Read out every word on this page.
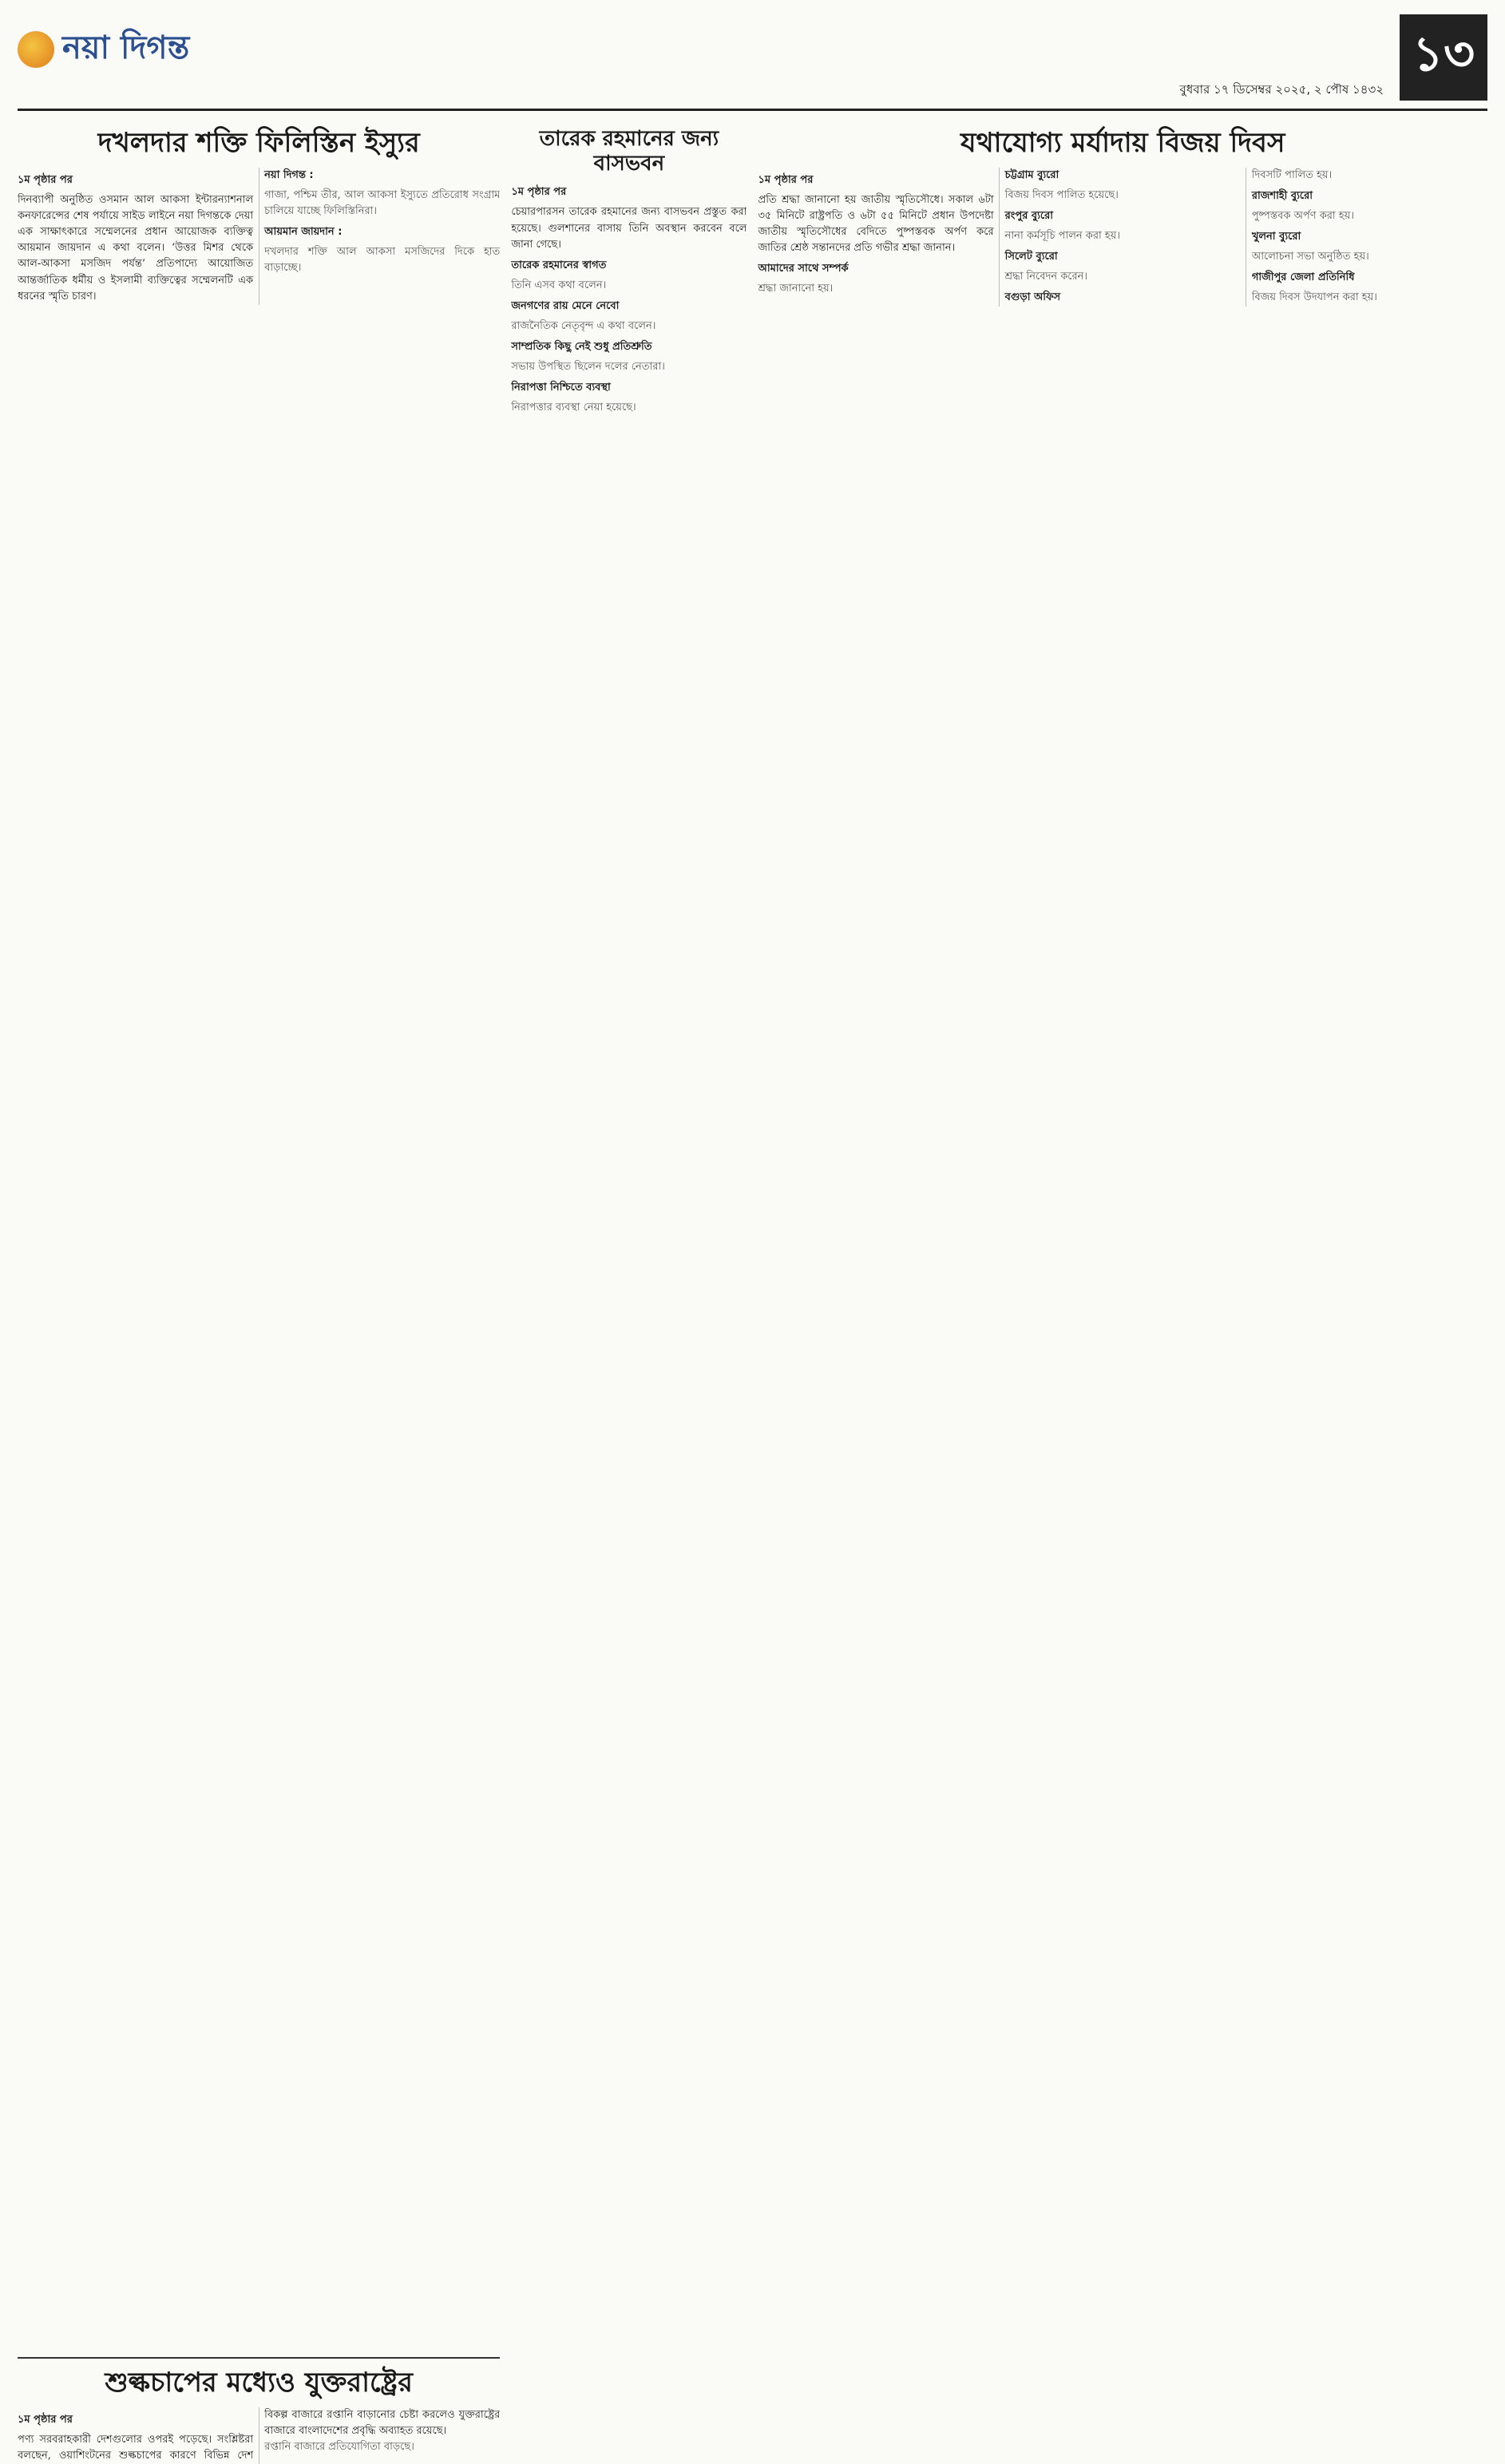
নয়া দিগন্ত
বুধবার ১৭ ডিসেম্বর ২০২৫, ২ পৌষ ১৪৩২
১৩
দখলদার শক্তি ফিলিস্তিন ইস্যুর
১ম পৃষ্ঠার পর
দিনব্যাপী অনুষ্ঠিত ওসমান আল আকসা ইন্টারন্যাশনাল কনফারেন্সের শেষ পর্যায়ে সাইড লাইনে নয়া দিগন্তকে দেয়া এক সাক্ষাৎকারে সম্মেলনের প্রধান আয়োজক ব্যক্তিত্ব আয়মান জায়দান এ কথা বলেন। ‘উত্তর মিশর থেকে আল-আকসা মসজিদ পর্যন্ত’ প্রতিপাদ্যে আয়োজিত আন্তর্জাতিক ধর্মীয় ও ইসলামী ব্যক্তিত্বের সম্মেলনটি এক ধরনের স্মৃতি চারণ।
নয়া দিগন্ত :
গাজা, পশ্চিম তীর, আল আকসা ইস্যুতে প্রতিরোধ সংগ্রাম চালিয়ে যাচ্ছে ফিলিস্তিনিরা।
আয়মান জায়দান :
দখলদার শক্তি আল আকসা মসজিদের দিকে হাত বাড়াচ্ছে।
তারেক রহমানের জন্য বাসভবন
১ম পৃষ্ঠার পর
চেয়ারপারসন তারেক রহমানের জন্য বাসভবন প্রস্তুত করা হয়েছে। গুলশানের বাসায় তিনি অবস্থান করবেন বলে জানা গেছে।
তারেক রহমানের স্বাগত
তিনি এসব কথা বলেন।
জনগণের রায় মেনে নেবো
রাজনৈতিক নেতৃবৃন্দ এ কথা বলেন।
সাম্প্রতিক কিছু নেই শুধু প্রতিশ্রুতি
সভায় উপস্থিত ছিলেন দলের নেতারা।
নিরাপত্তা নিশ্চিতে ব্যবস্থা
নিরাপত্তার ব্যবস্থা নেয়া হয়েছে।
যথাযোগ্য মর্যাদায় বিজয় দিবস
১ম পৃষ্ঠার পর
প্রতি শ্রদ্ধা জানানো হয় জাতীয় স্মৃতিসৌধে। সকাল ৬টা ৩৫ মিনিটে রাষ্ট্রপতি ও ৬টা ৫৫ মিনিটে প্রধান উপদেষ্টা জাতীয় স্মৃতিসৌধের বেদিতে পুষ্পস্তবক অর্পণ করে জাতির শ্রেষ্ঠ সন্তানদের প্রতি গভীর শ্রদ্ধা জানান।
আমাদের সাথে সম্পর্ক
শ্রদ্ধা জানানো হয়।
চট্টগ্রাম ব্যুরো
বিজয় দিবস পালিত হয়েছে।
রংপুর ব্যুরো
নানা কর্মসূচি পালন করা হয়।
সিলেট ব্যুরো
শ্রদ্ধা নিবেদন করেন।
বগুড়া অফিস
দিবসটি পালিত হয়।
রাজশাহী ব্যুরো
পুষ্পস্তবক অর্পণ করা হয়।
খুলনা ব্যুরো
আলোচনা সভা অনুষ্ঠিত হয়।
গাজীপুর জেলা প্রতিনিধি
বিজয় দিবস উদযাপন করা হয়।
শুল্কচাপের মধ্যেও যুক্তরাষ্ট্রের
১ম পৃষ্ঠার পর
পণ্য সরবরাহকারী দেশগুলোর ওপরই পড়েছে। সংশ্লিষ্টরা বলছেন, ওয়াশিংটনের শুল্কচাপের কারণে বিভিন্ন দেশ বিকল্প বাজারে রপ্তানি বাড়ানোর চেষ্টা করলেও যুক্তরাষ্ট্রের বাজারে বাংলাদেশের প্রবৃদ্ধি অব্যাহত রয়েছে।
রপ্তানি বাজারে প্রতিযোগিতা বাড়ছে।
